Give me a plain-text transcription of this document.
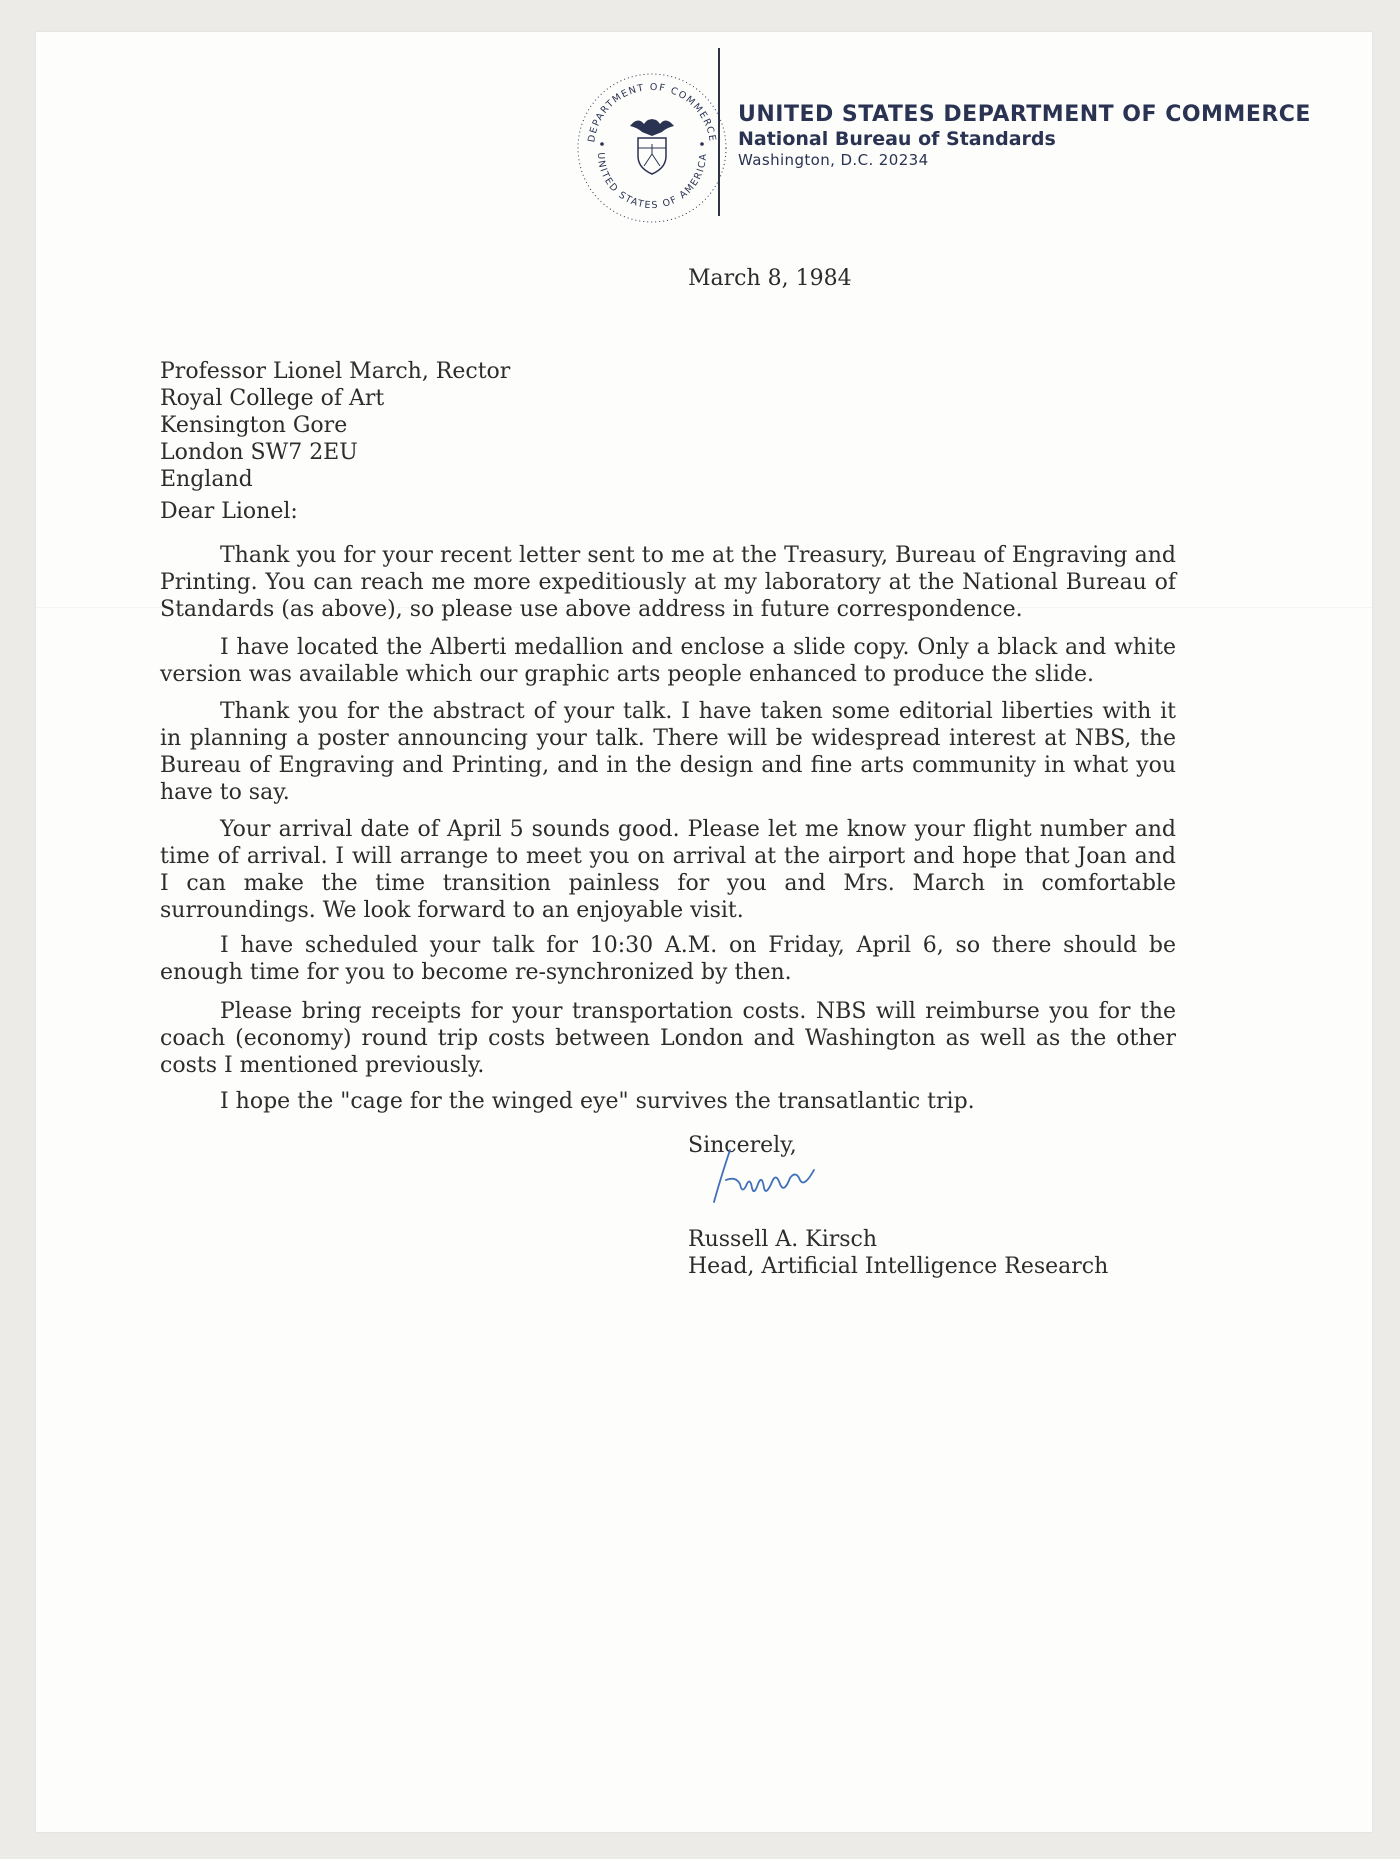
DEPARTMENT OF COMMERCE
UNITED STATES OF AMERICA
UNITED STATES DEPARTMENT OF COMMERCE
National Bureau of Standards
Washington, D.C. 20234
March 8, 1984
Professor Lionel March, Rector
Royal College of Art
Kensington Gore
London SW7 2EU
England
Dear Lionel:

Thank you for your recent letter sent to me at the Treasury, Bureau of Engraving and Printing. You can reach me more expeditiously at my laboratory at the National Bureau of Standards (as above), so please use above address in future correspondence.

I have located the Alberti medallion and enclose a slide copy. Only a black and white version was available which our graphic arts people enhanced to produce the slide.

Thank you for the abstract of your talk. I have taken some editorial liberties with it in planning a poster announcing your talk. There will be widespread interest at NBS, the Bureau of Engraving and Printing, and in the design and fine arts community in what you have to say.

Your arrival date of April 5 sounds good. Please let me know your flight number and time of arrival. I will arrange to meet you on arrival at the airport and hope that Joan and I can make the time transition painless for you and Mrs. March in comfortable surroundings. We look forward to an enjoyable visit.

I have scheduled your talk for 10:30 A.M. on Friday, April 6, so there should be enough time for you to become re-synchronized by then.

Please bring receipts for your transportation costs. NBS will reimburse you for the coach (economy) round trip costs between London and Washington as well as the other costs I mentioned previously.

I hope the "cage for the winged eye" survives the transatlantic trip.

Sincerely,
Russell A. Kirsch
Head, Artificial Intelligence Research
